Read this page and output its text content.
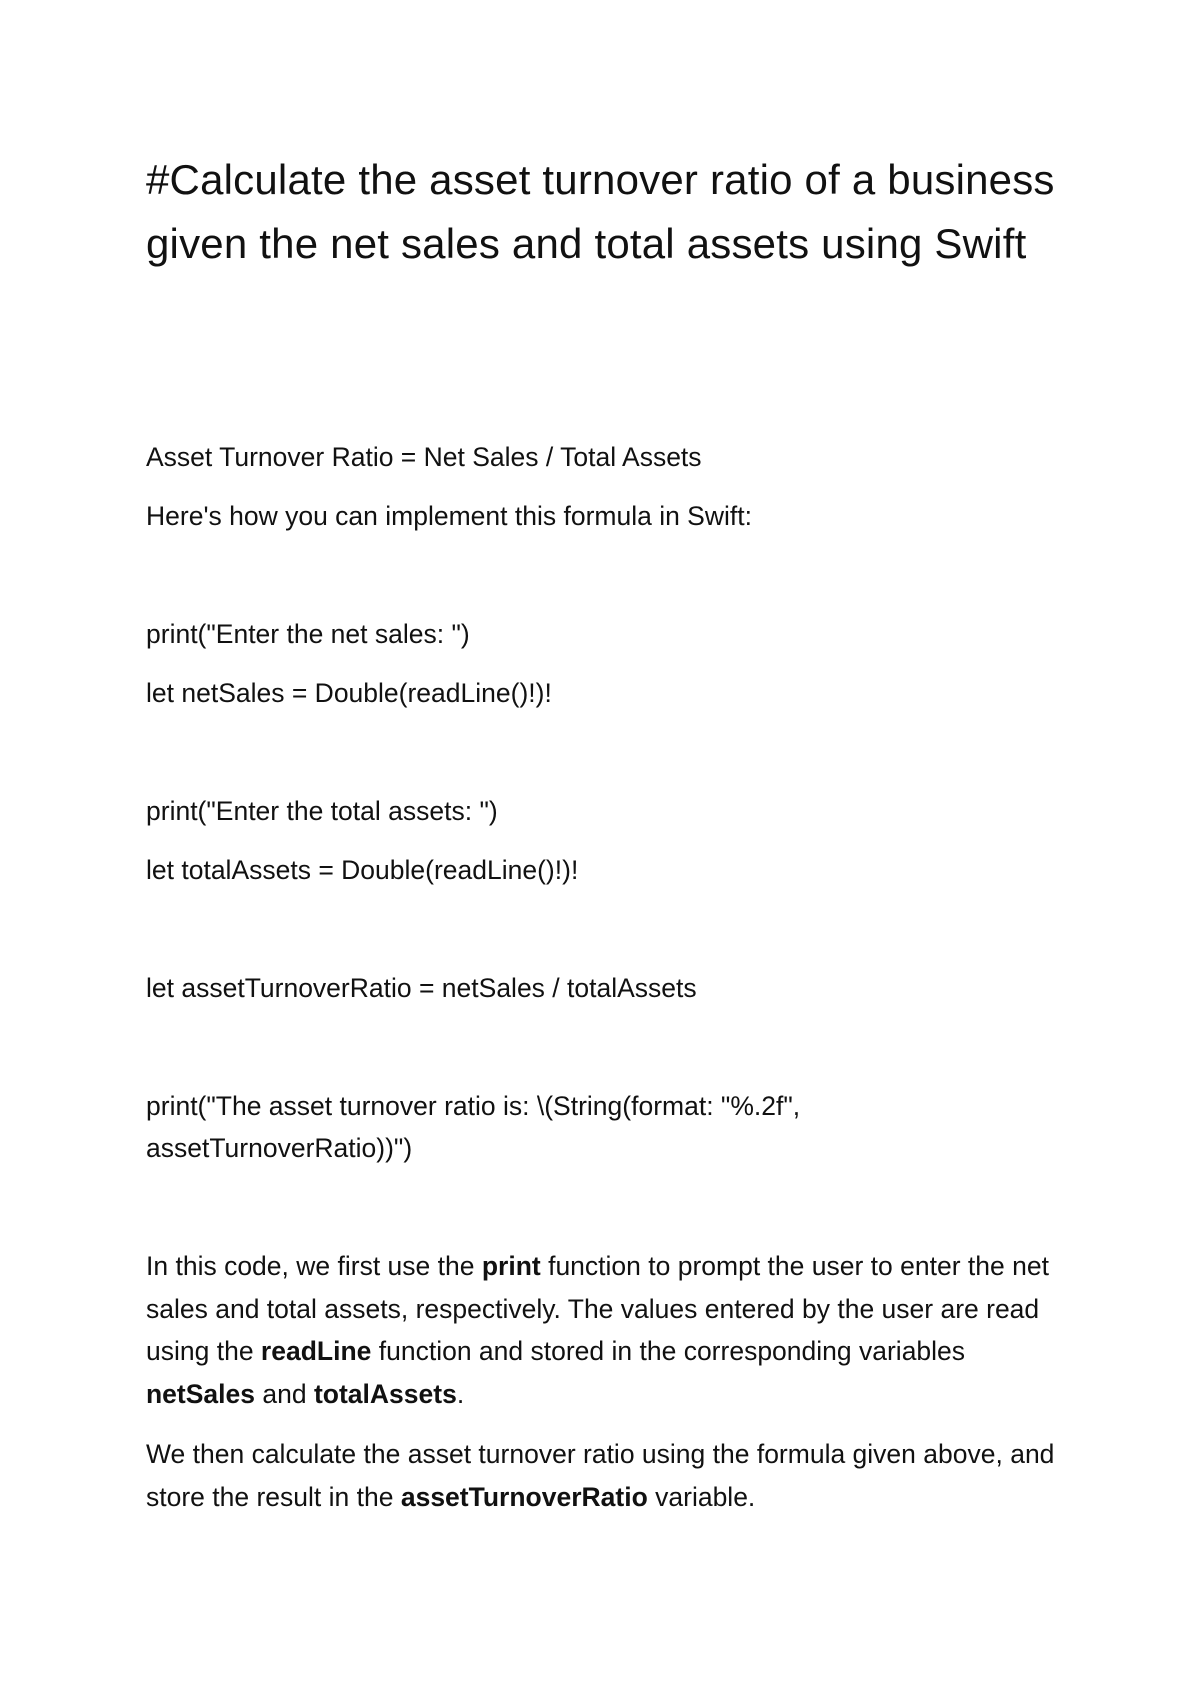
#Calculate the asset turnover ratio of a business given the net sales and total assets using Swift

Asset Turnover Ratio = Net Sales / Total Assets

Here's how you can implement this formula in Swift:

print("Enter the net sales: ")

let netSales = Double(readLine()!)!

print("Enter the total assets: ")

let totalAssets = Double(readLine()!)!

let assetTurnoverRatio = netSales / totalAssets

print("The asset turnover ratio is: \(String(format: "%.2f",

assetTurnoverRatio))")

In this code, we first use the print function to prompt the user to enter the net sales and total assets, respectively. The values entered by the user are read using the readLine function and stored in the corresponding variables netSales and totalAssets.

We then calculate the asset turnover ratio using the formula given above, and store the result in the assetTurnoverRatio variable.
